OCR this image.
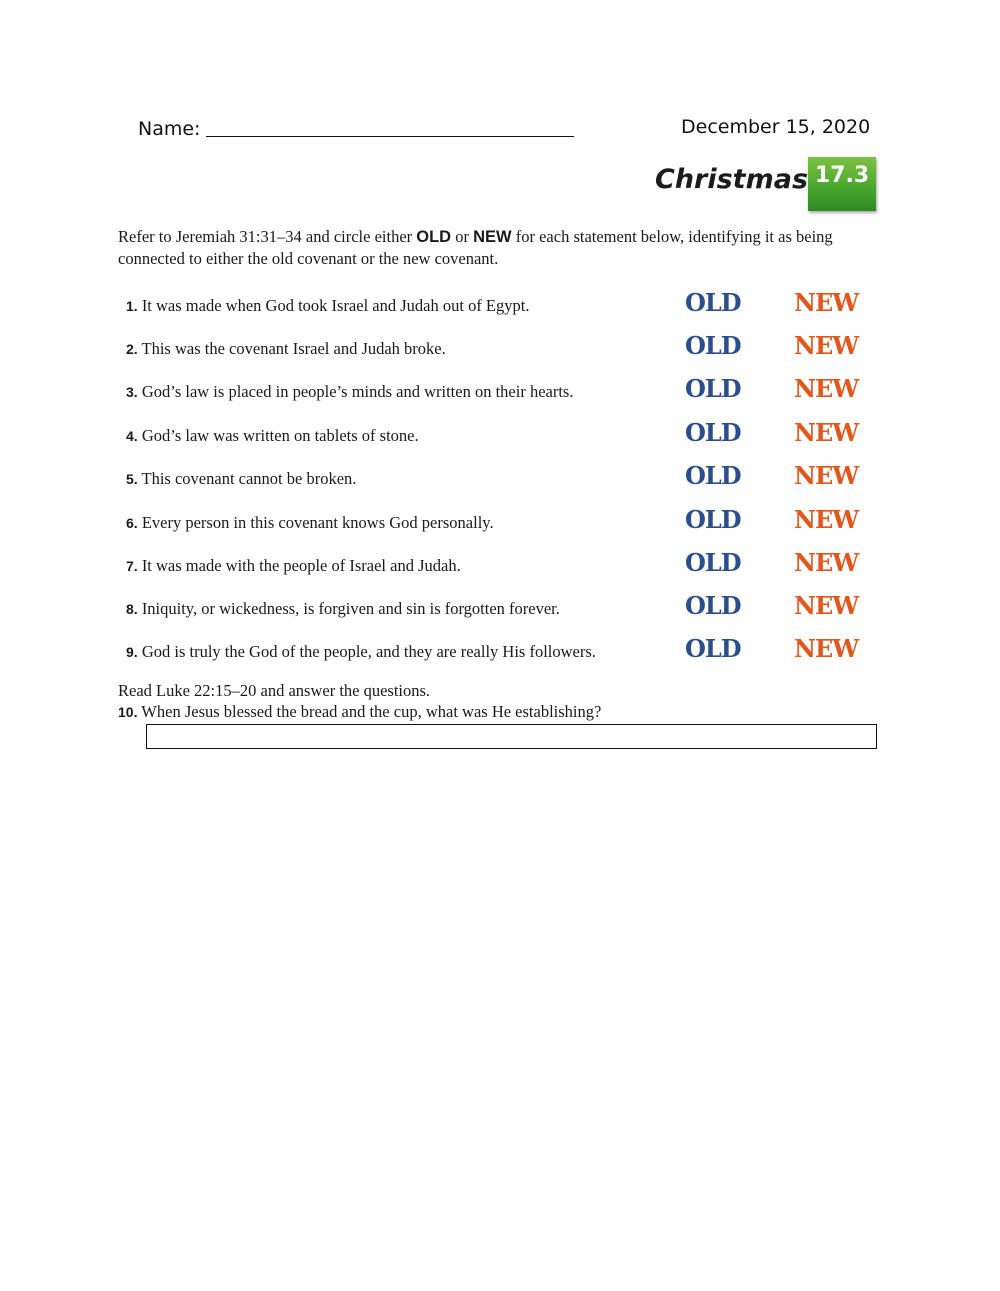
Name:	December 15, 2020
Christmas 17.3
Refer to Jeremiah 31:31–34 and circle either OLD or NEW for each statement below, identifying it as being connected to either the old covenant or the new covenant.
1. It was made when God took Israel and Judah out of Egypt.	OLD NEW
2. This was the covenant Israel and Judah broke.	OLD NEW
3. God’s law is placed in people’s minds and written on their hearts.	OLD NEW
4. God’s law was written on tablets of stone.	OLD NEW
5. This covenant cannot be broken.	OLD NEW
6. Every person in this covenant knows God personally.	OLD NEW
7. It was made with the people of Israel and Judah.	OLD NEW
8. Iniquity, or wickedness, is forgiven and sin is forgotten forever.	OLD NEW
9. God is truly the God of the people, and they are really His followers.	OLD NEW
Read Luke 22:15–20 and answer the questions.
10. When Jesus blessed the bread and the cup, what was He establishing?
